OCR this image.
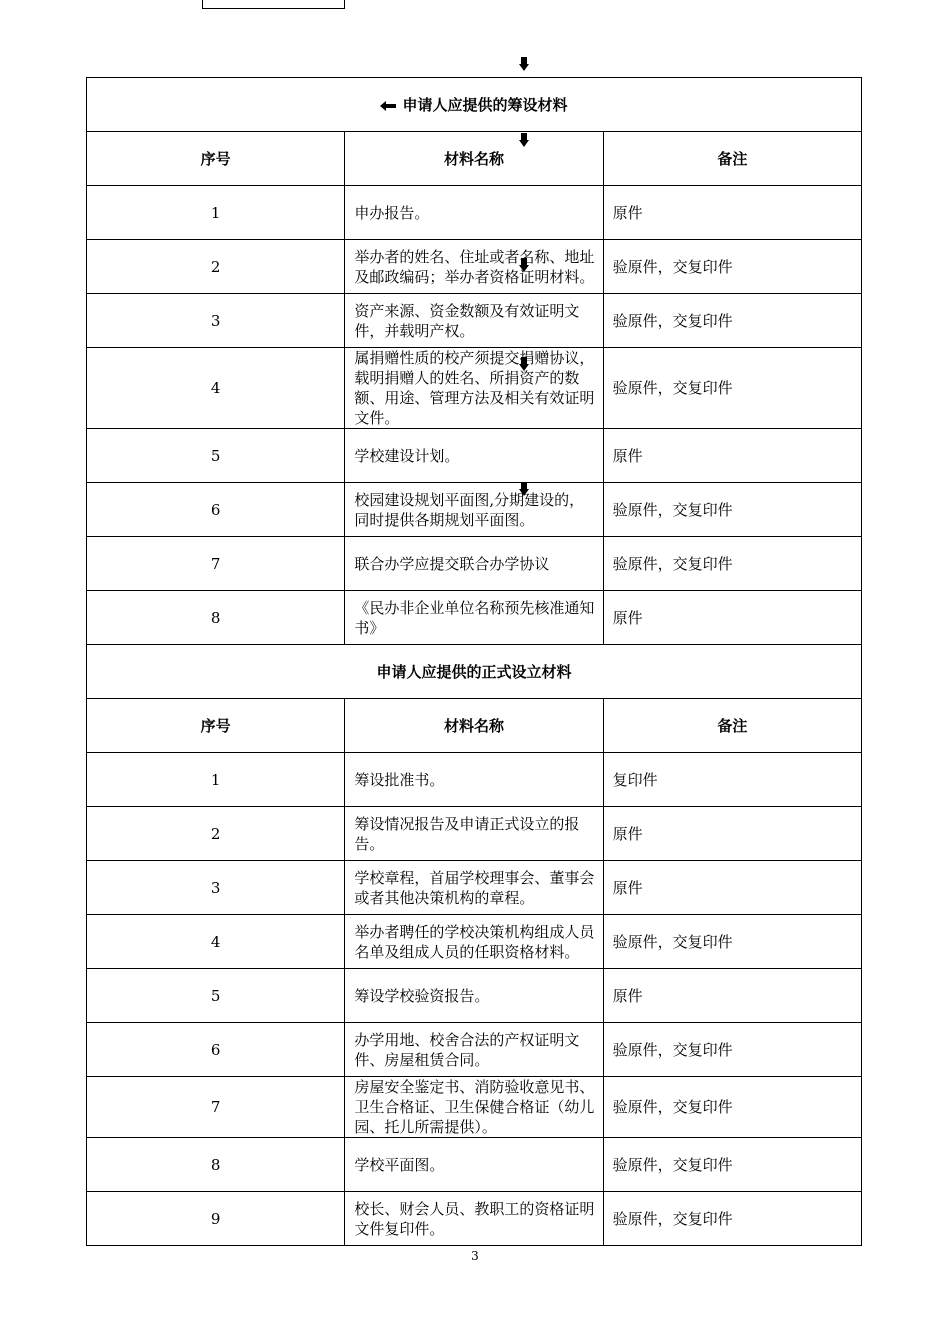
申请人应提供的筹设材料		
序号	材料名称	备注
1	申办报告。	原件
2	举办者的姓名、住址或者名称、地址及邮政编码；举办者资格证明材料。	验原件，交复印件
3	资产来源、资金数额及有效证明文件，并载明产权。	验原件，交复印件
4	属捐赠性质的校产须提交捐赠协议，载明捐赠人的姓名、所捐资产的数额、用途、管理方法及相关有效证明文件。	验原件，交复印件
5	学校建设计划。	原件
6	校园建设规划平面图,分期建设的，同时提供各期规划平面图。	验原件，交复印件
7	联合办学应提交联合办学协议	验原件，交复印件
8	《民办非企业单位名称预先核准通知书》	原件
申请人应提供的正式设立材料		
序号	材料名称	备注
1	筹设批准书。	复印件
2	筹设情况报告及申请正式设立的报告。	原件
3	学校章程，首届学校理事会、董事会或者其他决策机构的章程。	原件
4	举办者聘任的学校决策机构组成人员名单及组成人员的任职资格材料。	验原件，交复印件
5	筹设学校验资报告。	原件
6	办学用地、校舍合法的产权证明文件、房屋租赁合同。	验原件，交复印件
7	房屋安全鉴定书、消防验收意见书、卫生合格证、卫生保健合格证（幼儿园、托儿所需提供）。	验原件，交复印件
8	学校平面图。	验原件，交复印件
9	校长、财会人员、教职工的资格证明文件复印件。	验原件，交复印件
3
